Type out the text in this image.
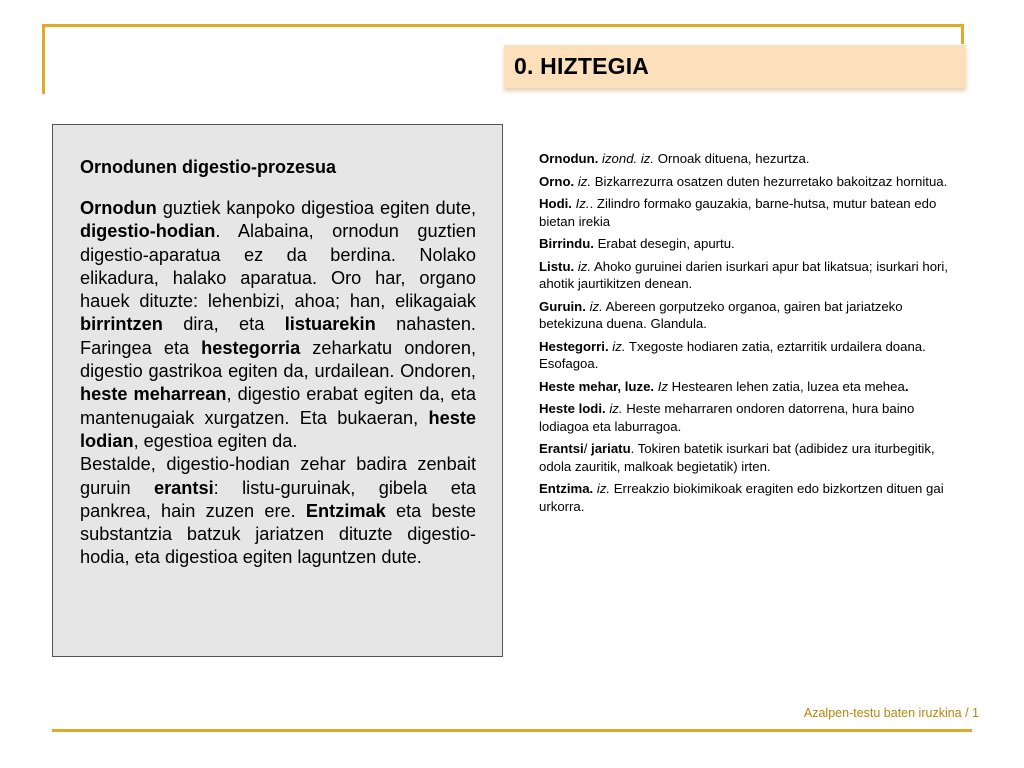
0. HIZTEGIA
Ornodunen digestio-prozesua

Ornodun guztiek kanpoko digestioa egiten dute, digestio-hodian. Alabaina, ornodun guztien digestio-aparatua ez da berdina. Nolako elikadura, halako aparatua. Oro har, organo hauek dituzte: lehenbizi, ahoa; han, elikagaiak birrintzen dira, eta listuarekin nahasten. Faringea eta hestegorria zeharkatu ondoren, digestio gastrikoa egiten da, urdailean. Ondoren, heste meharrean, digestio erabat egiten da, eta mantenugaiak xurgatzen. Eta bukaeran, heste lodian, egestioa egiten da.

Bestalde, digestio-hodian zehar badira zenbait guruin erantsi: listu-guruinak, gibela eta pankrea, hain zuzen ere. Entzimak eta beste substantzia batzuk jariatzen dituzte digestio-hodia, eta digestioa egiten laguntzen dute.

Ornodun. izond. iz. Ornoak dituena, hezurtza.

Orno. iz. Bizkarrezurra osatzen duten hezurretako bakoitzaz hornitua.

Hodi. Iz.. Zilindro formako gauzakia, barne-hutsa, mutur batean edo bietan irekia

Birrindu. Erabat desegin, apurtu.

Listu. iz. Ahoko guruinei darien isurkari apur bat likatsua; isurkari hori, ahotik jaurtikitzen denean.

Guruin. iz. Abereen gorputzeko organoa, gairen bat jariatzeko betekizuna duena. Glandula.

Hestegorri. iz. Txegoste hodiaren zatia, eztarritik urdailera doana. Esofagoa.

Heste mehar, luze. Iz Hestearen lehen zatia, luzea eta mehea.

Heste lodi. iz. Heste meharraren ondoren datorrena, hura baino lodiagoa eta laburragoa.

Erantsi/ jariatu. Tokiren batetik isurkari bat (adibidez ura iturbegitik, odola zauritik, malkoak begietatik) irten.

Entzima. iz. Erreakzio biokimikoak eragiten edo bizkortzen dituen gai urkorra.

Azalpen-testu baten iruzkina / 1
